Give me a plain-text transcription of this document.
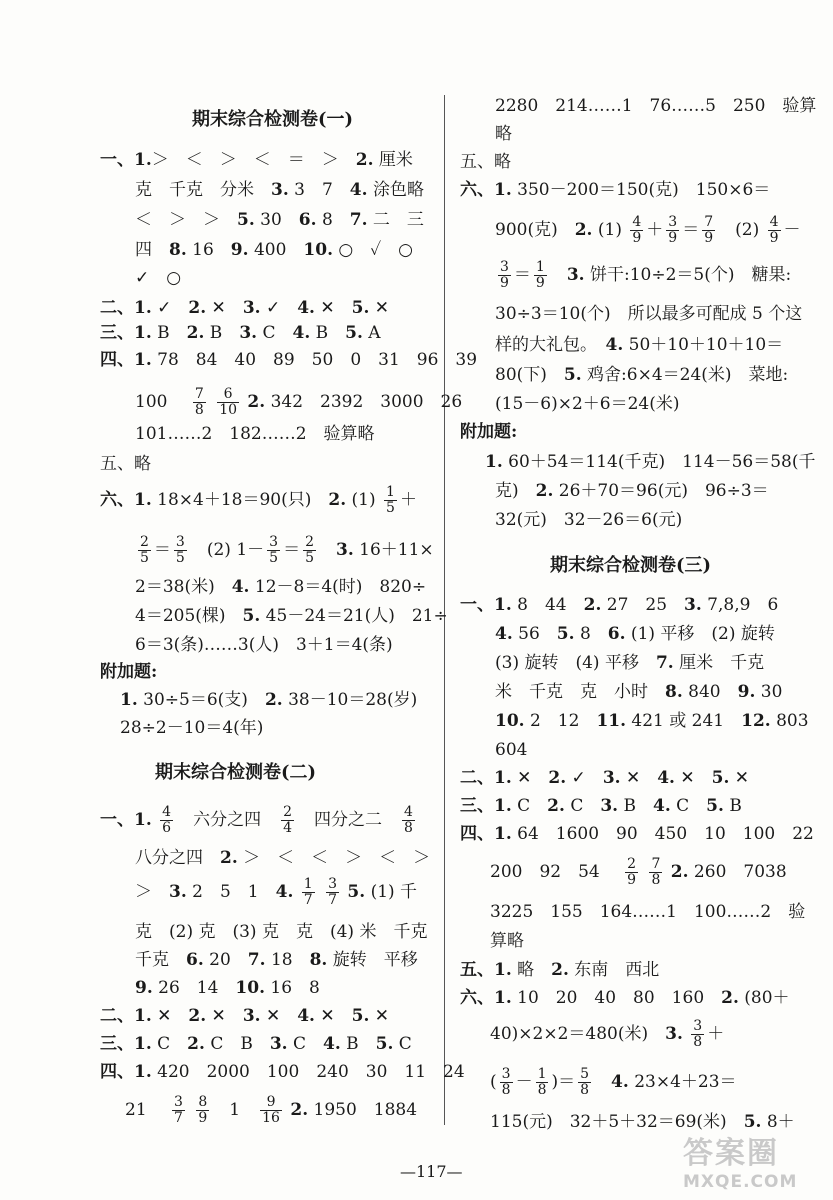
期末综合检测卷(一)
一、1.＞　＜　＞　＜　＝　＞　2. 厘米
克　千克　分米　3. 3　7　4. 涂色略
＜　＞　＞　5. 30　6. 8　7. 二　三
四　8. 16　9. 400　10. ○　✓　○
✓　○
二、1. ✓　2. ✕　3. ✓　4. ✕　5. ✕
三、1. B　2. B　3. C　4. B　5. A
四、1. 78　84　40　89　50　0　31　96　39
100　 $\frac{7}{8}$
$\frac{6}{10} 2$. 342　2392　3000　26
101……2　182……2　验算略
五、略
六、1. 18×4＋18＝90(只)　2. $(1) \frac{1}{5}$ ＋
$\frac{2}{5} = \frac{3}{5}$ 　(2) $1- \frac{3}{5} = \frac{2}{5}$
　 3. 16＋11×
2＝38(米)　4. 12－8＝4(时)　820÷
4＝205(棵)　5. 45－24＝21(人)　21÷
6＝3(条)……3(人)　3＋1＝4(条)
附加题:
1. 30÷5＝6(支)　2. 38－10＝28(岁)
28÷2－10＝4(年)
期末综合检测卷(二)
一、1. $\frac{4}{6}$ 　六分之四　 $\frac{2}{4}$ 　四分之二　 $\frac{4}{8}$
八分之四　2. ＞　＜　＜　＞　＜　＞
＞　3. 2　5　1　4. $\frac{1}{7}$
$\frac{3}{7} 5$. (1) 千
克　(2) 克　(3) 克　克　(4) 米　千克
千克　6. 20　7. 18　8. 旋转　平移
9. 26　14　10. 16　8
二、1. ✕　2. ✕　3. ✕　4. ✕　5. ✕
三、1. C　2. C　B　3. C　4. B　5. C
四、1. 420　2000　100　240　30　11　24
21　 $\frac{3}{7}$
$\frac{8}{9}$ 　1　 $\frac{9}{16} 2$. 1950　1884
2280　214……1　76……5　250　验算
略
五、略
六、1. 350－200＝150(克)　150×6＝
900(克)　2. $(1) \frac{4}{9} + \frac{3}{9} = \frac{7}{9}$ 　$(2) \frac{4}{9}$ －
$\frac{3}{9} = \frac{1}{9}$
　 3. 饼干:10÷2＝5(个)　糖果:
30÷3＝10(个)　所以最多可配成 5 个这
样的大礼包。　4. 50＋10＋10＋10＝
80(下)　5. 鸡舍:6×4＝24(米)　菜地:
(15－6)×2＋6＝24(米)
附加题:
1. 60＋54＝114(千克)　114－56＝58(千
克)　2. 26＋70＝96(元)　96÷3＝
32(元)　32－26＝6(元)
期末综合检测卷(三)
一、1. 8　44　2. 27　25　3. 7,8,9　6
4. 56　5. 8　6. (1) 平移　(2) 旋转
(3) 旋转　(4) 平移　7. 厘米　千克
米　千克　克　小时　8. 840　9. 30
10. 2　12　11. 421 或 241　12. 803
604
二、1. ✕　2. ✓　3. ✕　4. ✕　5. ✕
三、1. C　2. C　3. B　4. C　5. B
四、1. 64　1600　90　450　10　100　22
200　92　54　 $\frac{2}{9}$
$\frac{7}{8} 2$. 260　7038
3225　155　164……1　100……2　验
算略
五、1. 略　2. 东南　西北
六、1. 10　20　40　80　160　2. (80＋
40)×2×2＝480(米)　3. $\frac{3}{8}$ ＋
( $\frac{3}{8} - \frac{1}{8}$ )＝ $\frac{5}{8}$
　 4. 23×4＋23＝
115(元)　32＋5＋32＝69(米)　5. 8＋
—117—
答案圈
MXQE.COM
